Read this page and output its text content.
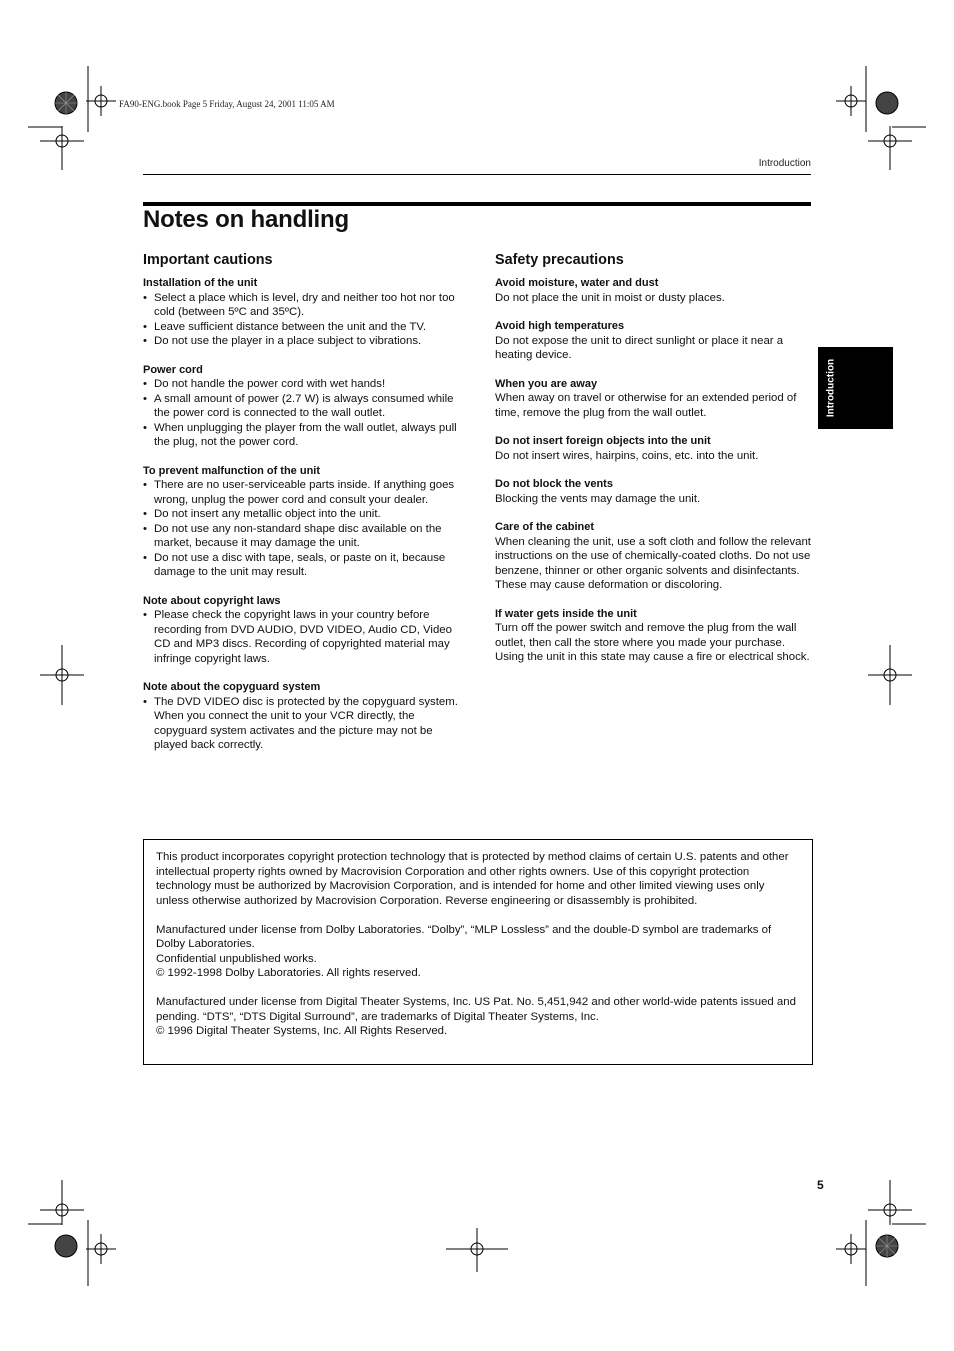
FA90-ENG.book Page 5 Friday, August 24, 2001 11:05 AM
Introduction
Notes on handling
Important cautions
Installation of the unit
• Select a place which is level, dry and neither too hot nor too cold (between 5ºC and 35ºC).
• Leave sufficient distance between the unit and the TV.
• Do not use the player in a place subject to vibrations.
Power cord
• Do not handle the power cord with wet hands!
• A small amount of power (2.7 W) is always consumed while the power cord is connected to the wall outlet.
• When unplugging the player from the wall outlet, always pull the plug, not the power cord.
To prevent malfunction of the unit
• There are no user-serviceable parts inside. If anything goes wrong, unplug the power cord and consult your dealer.
• Do not insert any metallic object into the unit.
• Do not use any non-standard shape disc available on the market, because it may damage the unit.
• Do not use a disc with tape, seals, or paste on it, because damage to the unit may result.
Note about copyright laws
• Please check the copyright laws in your country before recording from DVD AUDIO, DVD VIDEO, Audio CD, Video CD and MP3 discs. Recording of copyrighted material may infringe copyright laws.
Note about the copyguard system
• The DVD VIDEO disc is protected by the copyguard system. When you connect the unit to your VCR directly, the copyguard system activates and the picture may not be played back correctly.
Safety precautions
Avoid moisture, water and dust

Do not place the unit in moist or dusty places.

Avoid high temperatures

Do not expose the unit to direct sunlight or place it near a heating device.

When you are away

When away on travel or otherwise for an extended period of time, remove the plug from the wall outlet.

Do not insert foreign objects into the unit

Do not insert wires, hairpins, coins, etc. into the unit.

Do not block the vents

Blocking the vents may damage the unit.

Care of the cabinet

When cleaning the unit, use a soft cloth and follow the relevant instructions on the use of chemically-coated cloths. Do not use benzene, thinner or other organic solvents and disinfectants. These may cause deformation or discoloring.

If water gets inside the unit

Turn off the power switch and remove the plug from the wall outlet, then call the store where you made your purchase. Using the unit in this state may cause a fire or electrical shock.

Introduction

This product incorporates copyright protection technology that is protected by method claims of certain U.S. patents and other intellectual property rights owned by Macrovision Corporation and other rights owners. Use of this copyright protection technology must be authorized by Macrovision Corporation, and is intended for home and other limited viewing uses only unless otherwise authorized by Macrovision Corporation. Reverse engineering or disassembly is prohibited.

Manufactured under license from Dolby Laboratories. “Dolby”, “MLP Lossless” and the double-D symbol are trademarks of Dolby Laboratories.

Confidential unpublished works.

© 1992-1998 Dolby Laboratories. All rights reserved.

Manufactured under license from Digital Theater Systems, Inc. US Pat. No. 5,451,942 and other world-wide patents issued and pending. “DTS”, “DTS Digital Surround”, are trademarks of Digital Theater Systems, Inc.

© 1996 Digital Theater Systems, Inc. All Rights Reserved.

5
